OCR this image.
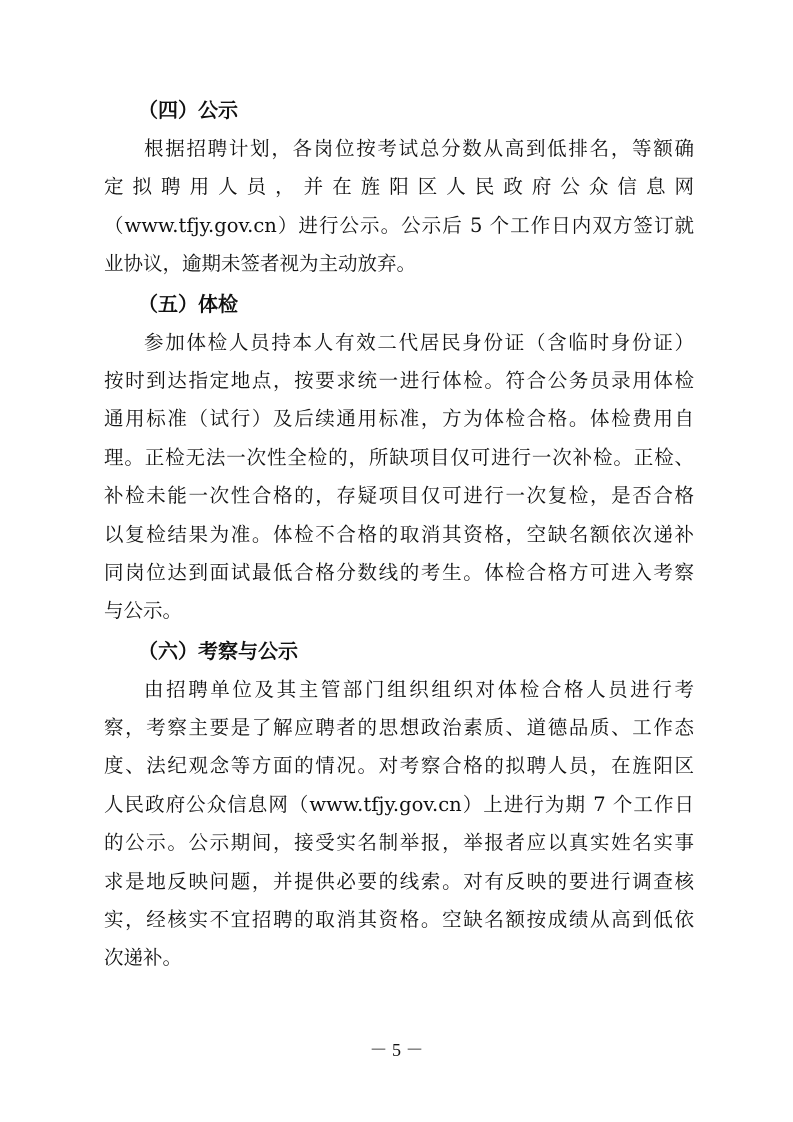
（四）公示
根据招聘计划，各岗位按考试总分数从高到低排名，等额确
定拟聘用人员，并在旌阳区人民政府公众信息网
（www.tfjy.gov.cn）进行公示。公示后 5 个工作日内双方签订就
业协议，逾期未签者视为主动放弃。
（五）体检
参加体检人员持本人有效二代居民身份证（含临时身份证）
按时到达指定地点，按要求统一进行体检。符合公务员录用体检
通用标准（试行）及后续通用标准，方为体检合格。体检费用自
理。正检无法一次性全检的，所缺项目仅可进行一次补检。正检、
补检未能一次性合格的，存疑项目仅可进行一次复检，是否合格
以复检结果为准。体检不合格的取消其资格，空缺名额依次递补
同岗位达到面试最低合格分数线的考生。体检合格方可进入考察
与公示。
（六）考察与公示
由招聘单位及其主管部门组织组织对体检合格人员进行考
察，考察主要是了解应聘者的思想政治素质、道德品质、工作态
度、法纪观念等方面的情况。对考察合格的拟聘人员，在旌阳区
人民政府公众信息网（www.tfjy.gov.cn）上进行为期 7 个工作日
的公示。公示期间，接受实名制举报，举报者应以真实姓名实事
求是地反映问题，并提供必要的线索。对有反映的要进行调查核
实，经核实不宜招聘的取消其资格。空缺名额按成绩从高到低依
次递补。
－ 5 －
